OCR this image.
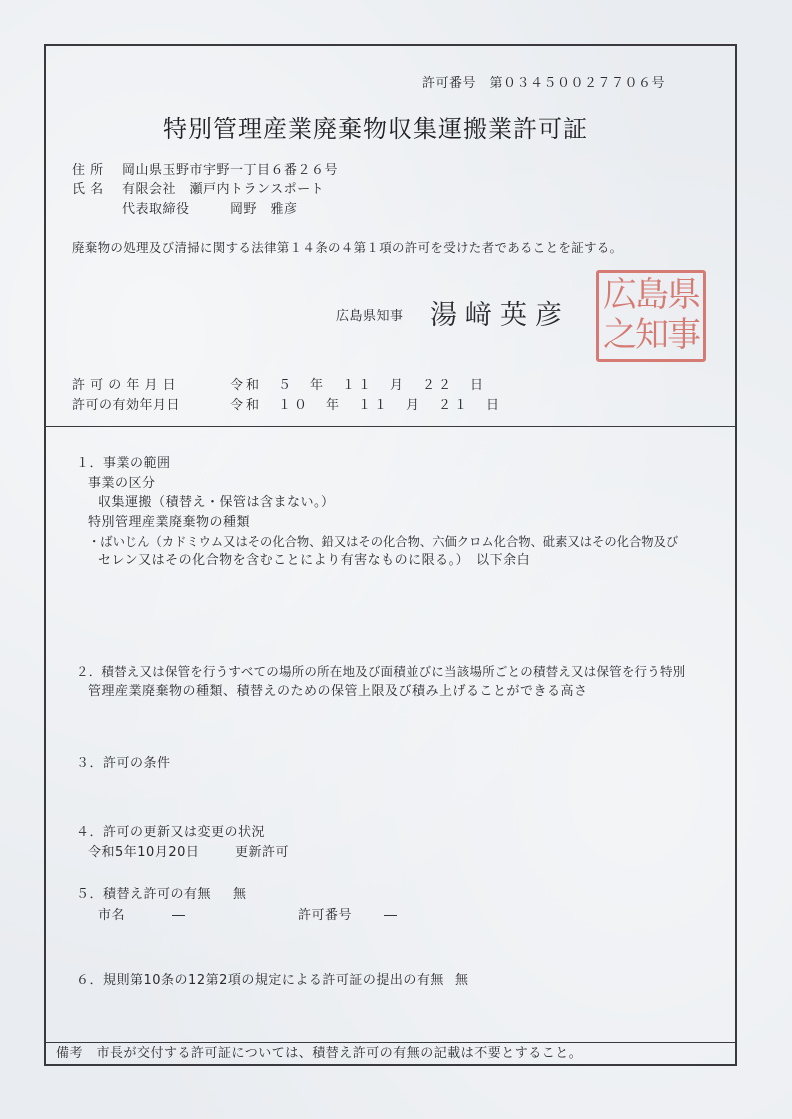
許可番号　第０３４５００２７７０６号
特別管理産業廃棄物収集運搬業許可証
住 所 岡山県玉野市宇野一丁目６番２６号
氏 名 有限会社　瀬戸内トランスポート
代表取締役　　　岡野　雅彦
廃棄物の処理及び清掃に関する法律第１４条の４第１項の許可を受けた者であることを証する。
広島県知事 湯﨑英彦
県
島
広
事
知
之
許 可 の 年 月 日	令和　５　年　１１　月　２２　日
許可の有効年月日	令和　１０　年　１１　月　２１　日
１．事業の範囲
事業の区分
収集運搬（積替え・保管は含まない。）
特別管理産業廃棄物の種類
・ばいじん（カドミウム又はその化合物、鉛又はその化合物、六価クロム化合物、砒素又はその化合物及び
セレン又はその化合物を含むことにより有害なものに限る。）　以下余白
２．積替え又は保管を行うすべての場所の所在地及び面積並びに当該場所ごとの積替え又は保管を行う特別
管理産業廃棄物の種類、積替えのための保管上限及び積み上げることができる高さ
３．許可の条件
４．許可の更新又は変更の状況
令和5年10月20日	更新許可
５．積替え許可の有無 無
市名	―	許可番号 ―
６．規則第10条の12第2項の規定による許可証の提出の有無 無
備考　市長が交付する許可証については、積替え許可の有無の記載は不要とすること。
